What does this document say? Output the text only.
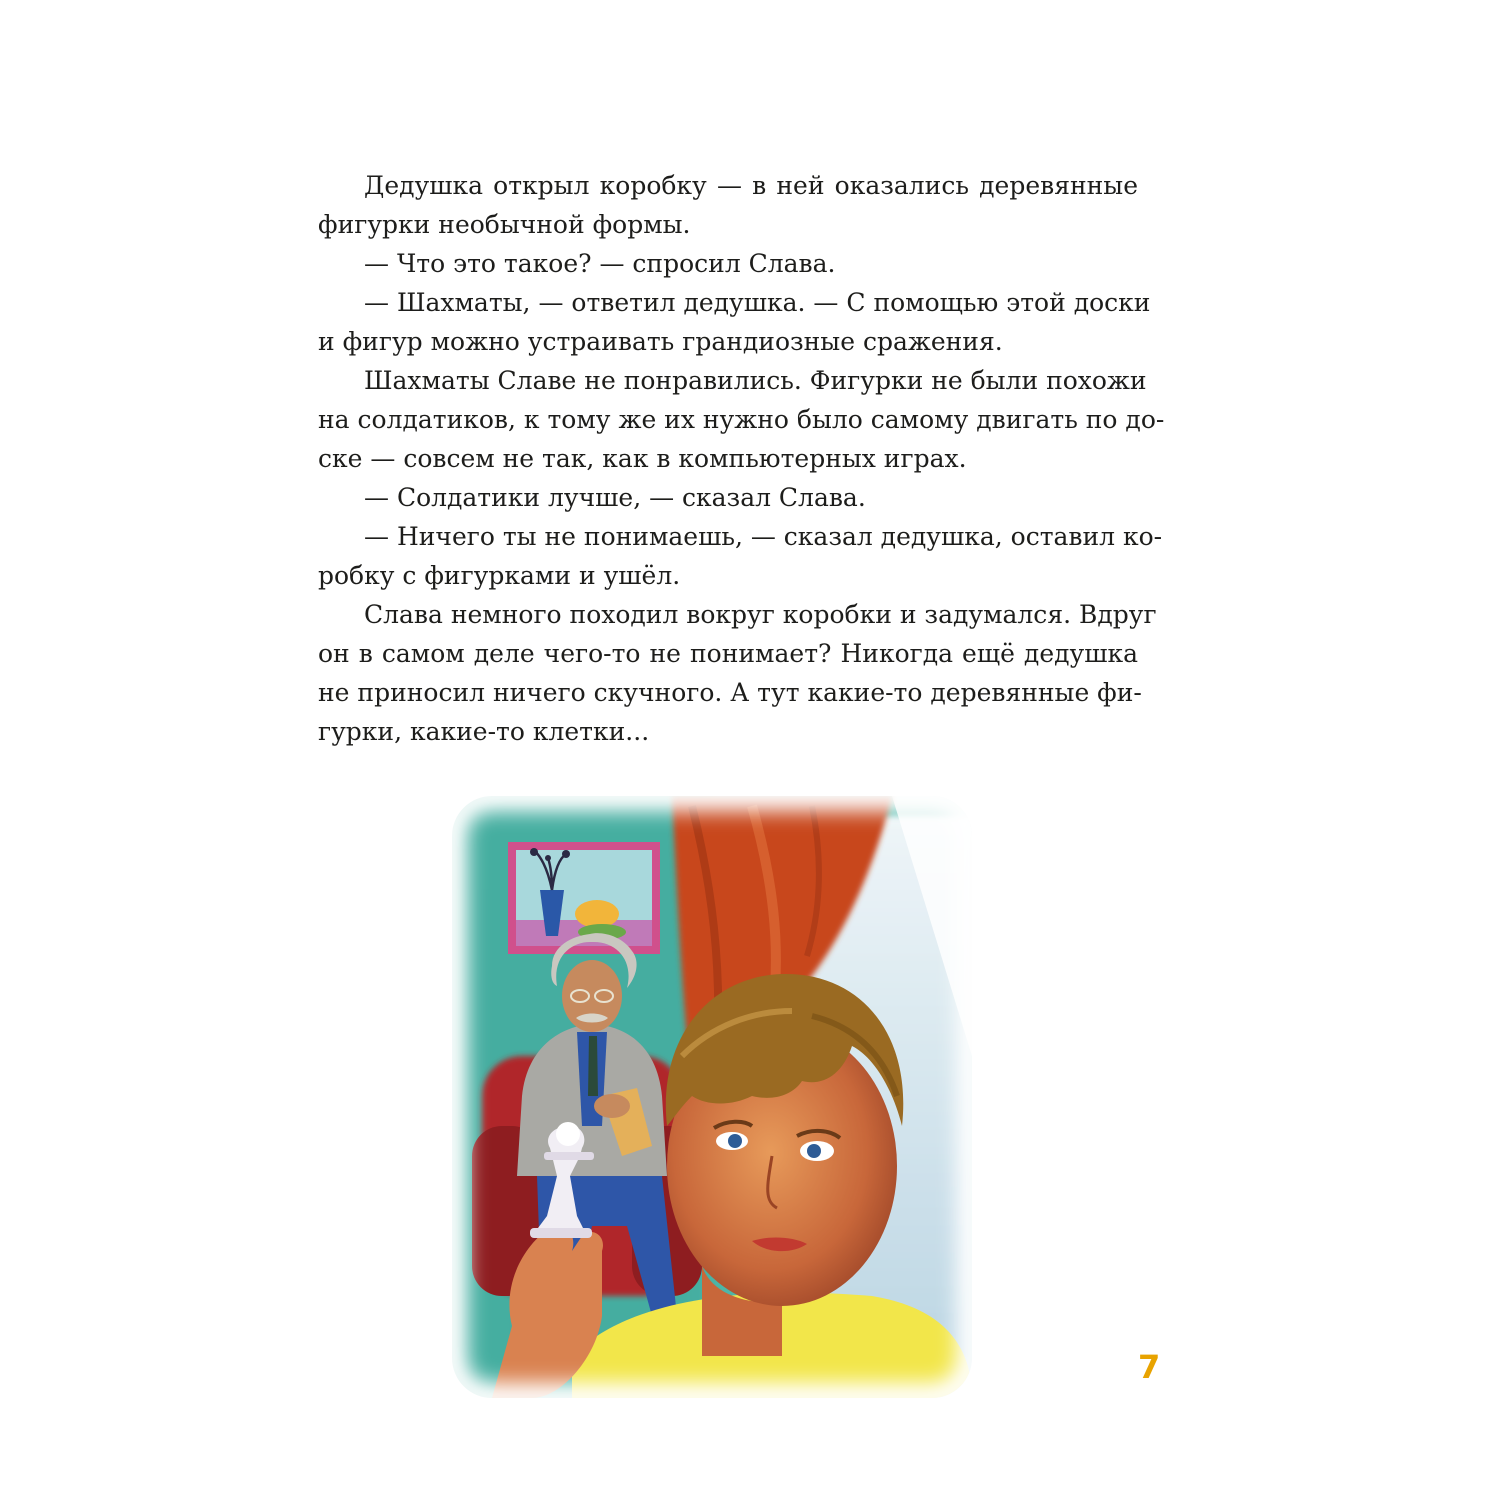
Дедушка открыл коробку — в ней оказались деревянные
фигурки необычной формы.
— Что это такое? — спросил Слава.
— Шахматы, — ответил дедушка. — С помощью этой доски
и фигур можно устраивать грандиозные сражения.
Шахматы Славе не понравились. Фигурки не были похожи
на солдатиков, к тому же их нужно было самому двигать по до-
ске — совсем не так, как в компьютерных играх.
— Солдатики лучше, — сказал Слава.
— Ничего ты не понимаешь, — сказал дедушка, оставил ко-
робку с фигурками и ушёл.
Слава немного походил вокруг коробки и задумался. Вдруг
он в самом деле чего-то не понимает? Никогда ещё дедушка
не приносил ничего скучного. А тут какие-то деревянные фи-
гурки, какие-то клетки...
7
